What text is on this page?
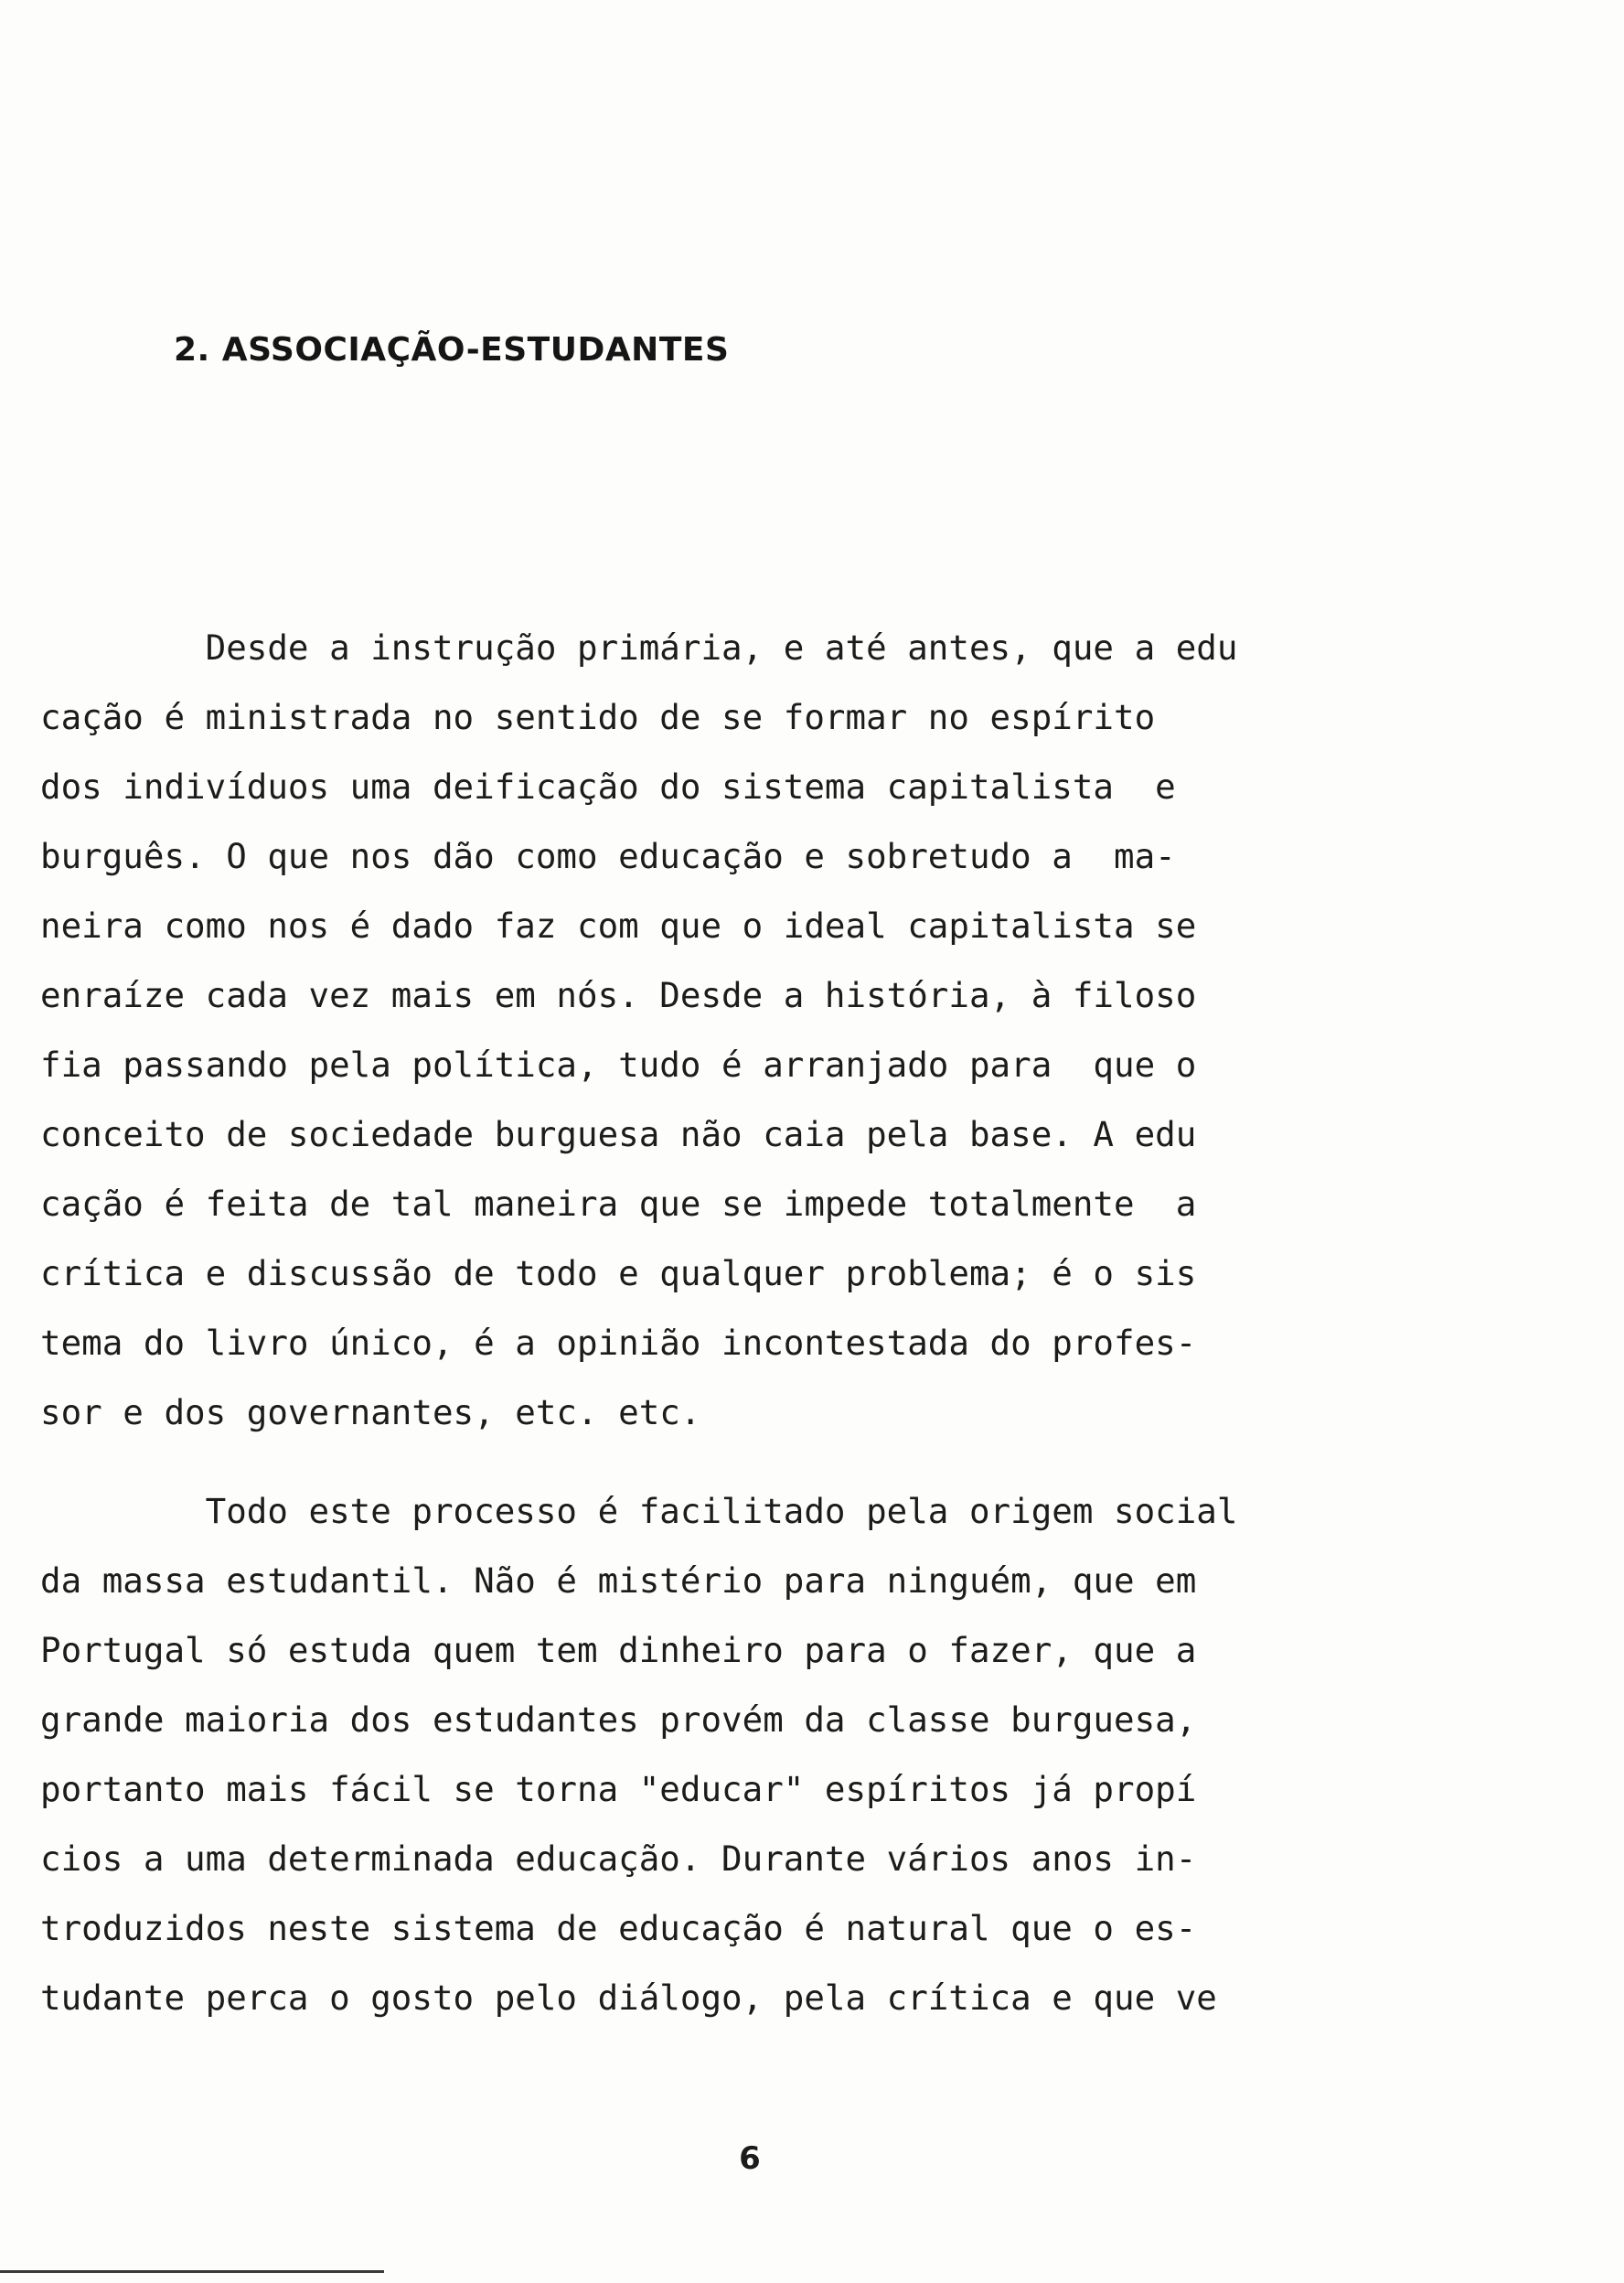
2. ASSOCIAÇÃO-ESTUDANTES
Desde a instrução primária, e até antes, que a edu
cação é ministrada no sentido de se formar no espírito
dos indivíduos uma deificação do sistema capitalista  e
burguês. O que nos dão como educação e sobretudo a  ma-
neira como nos é dado faz com que o ideal capitalista se
enraíze cada vez mais em nós. Desde a história, à filoso
fia passando pela política, tudo é arranjado para  que o
conceito de sociedade burguesa não caia pela base. A edu
cação é feita de tal maneira que se impede totalmente  a
crítica e discussão de todo e qualquer problema; é o sis
tema do livro único, é a opinião incontestada do profes-
sor e dos governantes, etc. etc.
Todo este processo é facilitado pela origem social
da massa estudantil. Não é mistério para ninguém, que em
Portugal só estuda quem tem dinheiro para o fazer, que a
grande maioria dos estudantes provém da classe burguesa,
portanto mais fácil se torna "educar" espíritos já propí
cios a uma determinada educação. Durante vários anos in-
troduzidos neste sistema de educação é natural que o es-
tudante perca o gosto pelo diálogo, pela crítica e que ve
6
